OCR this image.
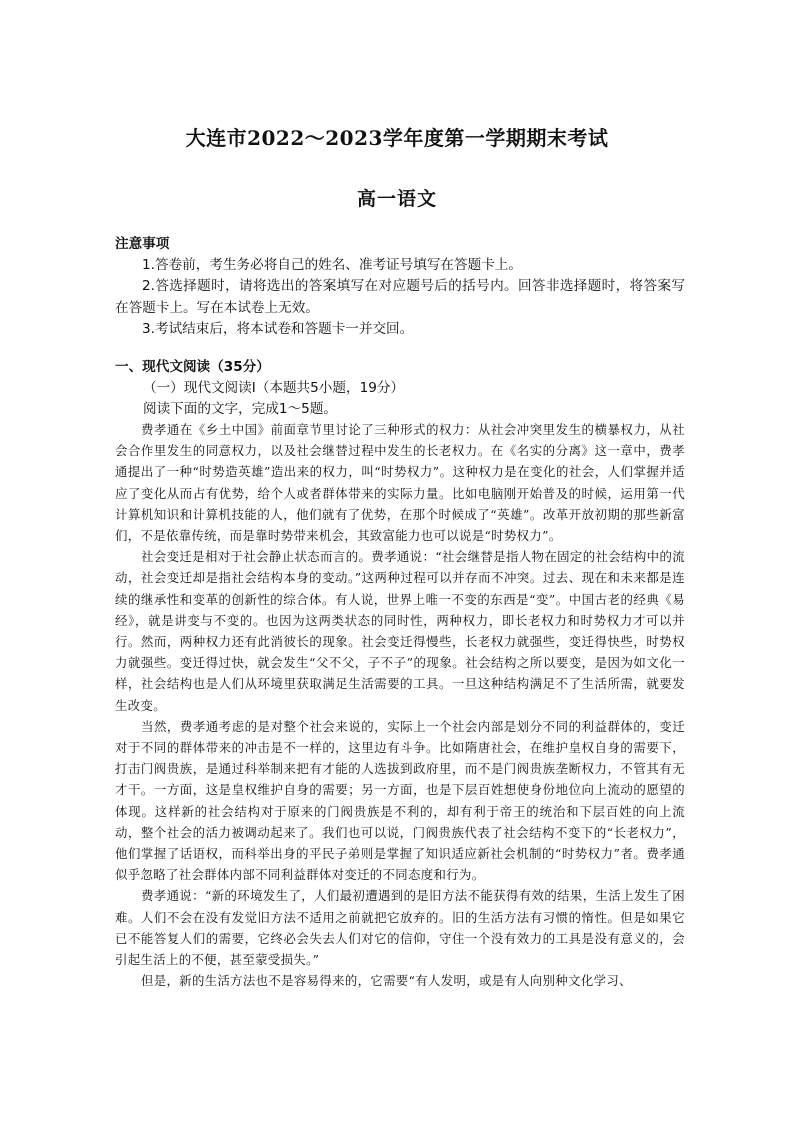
大连市2022～2023学年度第一学期期末考试
高一语文
注意事项

1.答卷前，考生务必将自己的姓名、准考证号填写在答题卡上。

2.答选择题时，请将选出的答案填写在对应题号后的括号内。回答非选择题时，将答案写在答题卡上。写在本试卷上无效。

3.考试结束后，将本试卷和答题卡一并交回。

一、现代文阅读（35分）
（一）现代文阅读Ⅰ（本题共5小题，19分）
阅读下面的文字，完成1～5题。

费孝通在《乡土中国》前面章节里讨论了三种形式的权力：从社会冲突里发生的横暴权力，从社会合作里发生的同意权力，以及社会继替过程中发生的长老权力。在《名实的分离》这一章中，费孝通提出了一种“时势造英雄”造出来的权力，叫“时势权力”。这种权力是在变化的社会，人们掌握并适应了变化从而占有优势，给个人或者群体带来的实际力量。比如电脑刚开始普及的时候，运用第一代计算机知识和计算机技能的人，他们就有了优势，在那个时候成了“英雄”。改革开放初期的那些新富们，不是依靠传统，而是靠时势带来机会，其致富能力也可以说是“时势权力”。

社会变迁是相对于社会静止状态而言的。费孝通说：“社会继替是指人物在固定的社会结构中的流动，社会变迁却是指社会结构本身的变动。”这两种过程可以并存而不冲突。过去、现在和未来都是连续的继承性和变革的创新性的综合体。有人说，世界上唯一不变的东西是“变”。中国古老的经典《易经》，就是讲变与不变的。也因为这两类状态的同时性，两种权力，即长老权力和时势权力才可以并行。然而，两种权力还有此消彼长的现象。社会变迁得慢些，长老权力就强些，变迁得快些，时势权力就强些。变迁得过快，就会发生“父不父，子不子”的现象。社会结构之所以要变，是因为如文化一样，社会结构也是人们从环境里获取满足生活需要的工具。一旦这种结构满足不了生活所需，就要发生改变。

当然，费孝通考虑的是对整个社会来说的，实际上一个社会内部是划分不同的利益群体的，变迁对于不同的群体带来的冲击是不一样的，这里边有斗争。比如隋唐社会，在维护皇权自身的需要下，打击门阀贵族，是通过科举制来把有才能的人选拔到政府里，而不是门阀贵族垄断权力，不管其有无才干。一方面，这是皇权维护自身的需要；另一方面，也是下层百姓想使身份地位向上流动的愿望的体现。这样新的社会结构对于原来的门阀贵族是不利的，却有利于帝王的统治和下层百姓的向上流动，整个社会的活力被调动起来了。我们也可以说，门阀贵族代表了社会结构不变下的“长老权力”，他们掌握了话语权，而科举出身的平民子弟则是掌握了知识适应新社会机制的“时势权力”者。费孝通似乎忽略了社会群体内部不同利益群体对变迁的不同态度和行为。

费孝通说：“新的环境发生了，人们最初遭遇到的是旧方法不能获得有效的结果，生活上发生了困难。人们不会在没有发觉旧方法不适用之前就把它放弃的。旧的生活方法有习惯的惰性。但是如果它已不能答复人们的需要，它终必会失去人们对它的信仰，守住一个没有效力的工具是没有意义的，会引起生活上的不便，甚至蒙受损失。”

但是，新的生活方法也不是容易得来的，它需要“有人发明，或是有人向别种文化学习、
